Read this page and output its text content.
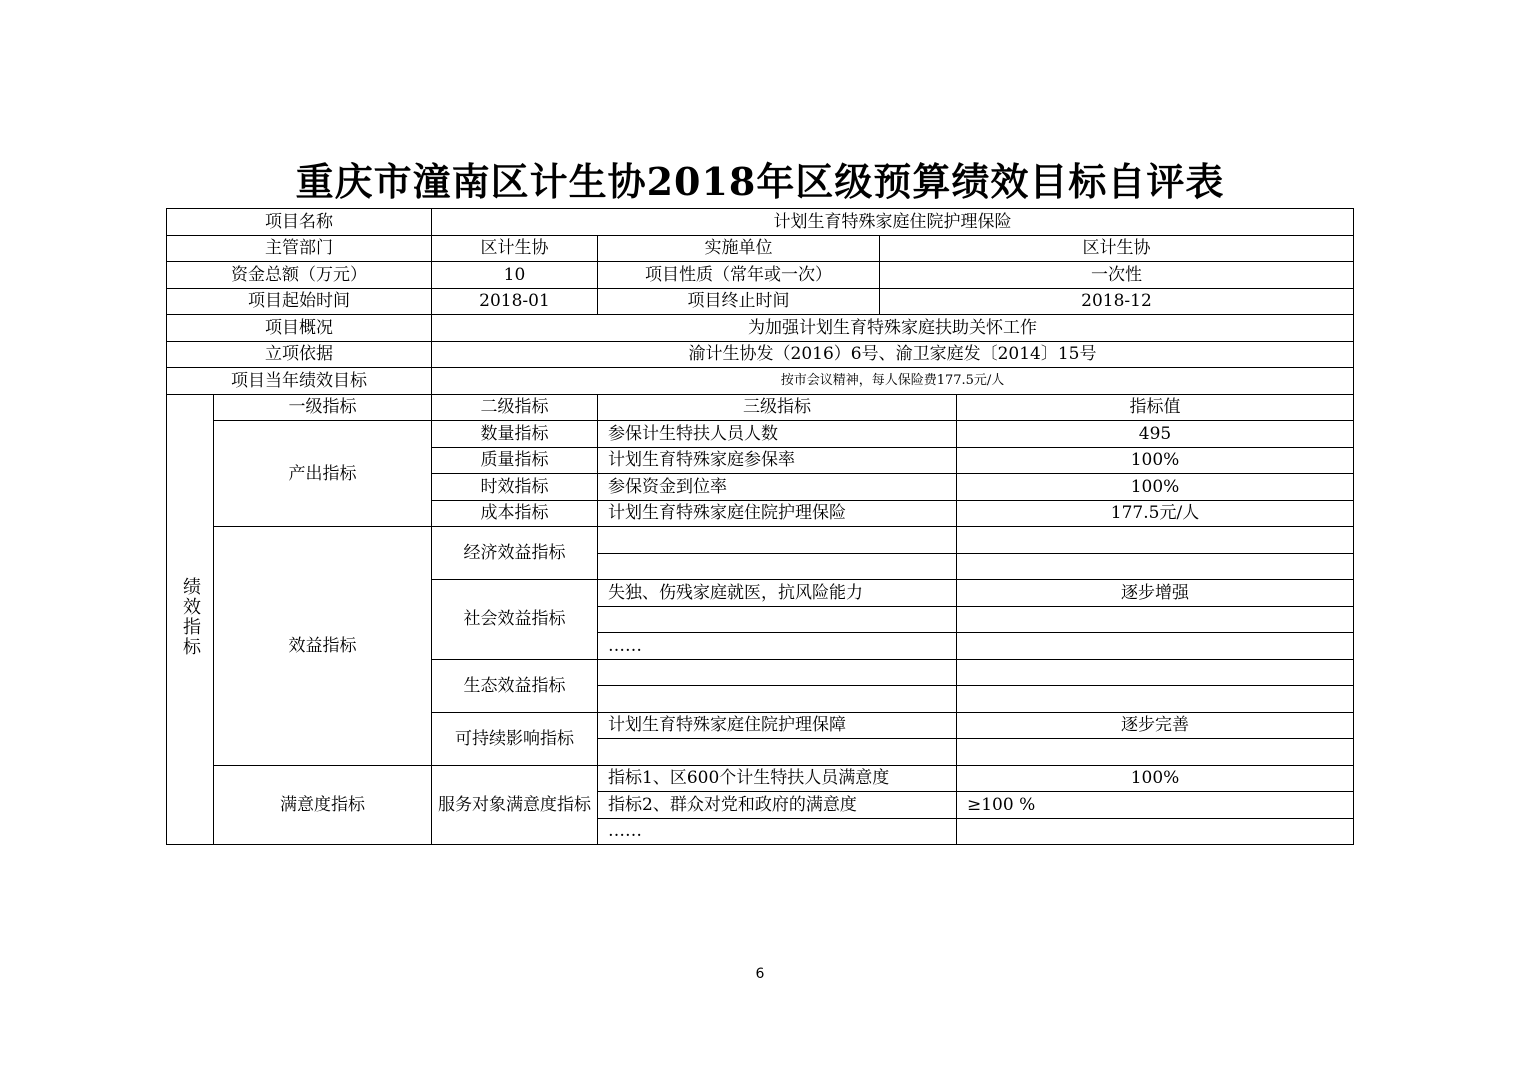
重庆市潼南区计生协2018年区级预算绩效目标自评表
项目名称		计划生育特殊家庭住院护理保险			
主管部门		区计生协	实施单位	区计生协	
资金总额（万元）		10	项目性质（常年或一次）	一次性	
项目起始时间		2018-01	项目终止时间	2018-12	
项目概况		为加强计划生育特殊家庭扶助关怀工作			
立项依据		渝计生协发（2016）6号、渝卫家庭发〔2014〕15号			
项目当年绩效目标		按市会议精神，每人保险费177.5元/人			
绩效指标	一级指标	二级指标	三级指标		指标值
	产出指标	数量指标	参保计生特扶人员人数		495
		质量指标	计划生育特殊家庭参保率		100%
		时效指标	参保资金到位率		100%
		成本指标	计划生育特殊家庭住院护理保险		177.5元/人
	效益指标	经济效益指标			

		社会效益指标	失独、伤残家庭就医，抗风险能力		逐步增强

			……		
		生态效益指标			

		可持续影响指标	计划生育特殊家庭住院护理保障		逐步完善

	满意度指标	服务对象满意度指标	指标1、区600个计生特扶人员满意度		100%
			指标2、群众对党和政府的满意度		≥100 %
			……		
6
